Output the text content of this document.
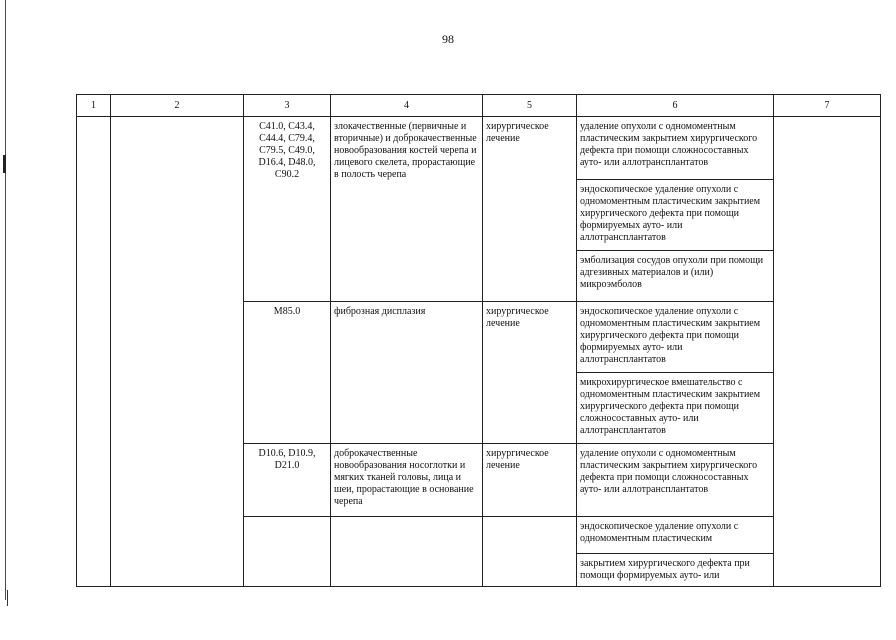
98
1	2	3	4	5	6	7
		C41.0, C43.4, C44.4, C79.4, C79.5, C49.0, D16.4, D48.0, C90.2	злокачественные (первичные и вторичные) и доброкачественные новообразования костей черепа и лицевого скелета, прорастающие в полость черепа	хирургическое лечение	удаление опухоли с одномоментным пластическим закрытием хирургического дефекта при помощи сложносоставных ауто- или аллотрансплантатов	
					эндоскопическое удаление опухоли с одномоментным пластическим закрытием хирургического дефекта при помощи формируемых ауто- или аллотрансплантатов	
					эмболизация сосудов опухоли при помощи адгезивных материалов и (или) микроэмболов	
		M85.0	фиброзная дисплазия	хирургическое лечение	эндоскопическое удаление опухоли с одномоментным пластическим закрытием хирургического дефекта при помощи формируемых ауто- или аллотрансплантатов	
					микрохирургическое вмешательство с одномоментным пластическим закрытием хирургического дефекта при помощи сложносоставных ауто- или аллотрансплантатов	
		D10.6, D10.9, D21.0	доброкачественные новообразования носоглотки и мягких тканей головы, лица и шеи, прорастающие в основание черепа	хирургическое лечение	удаление опухоли с одномоментным пластическим закрытием хирургического дефекта при помощи сложносоставных ауто- или аллотрансплантатов	
					эндоскопическое удаление опухоли с одномоментным пластическим	
					закрытием хирургического дефекта при помощи формируемых ауто- или	
